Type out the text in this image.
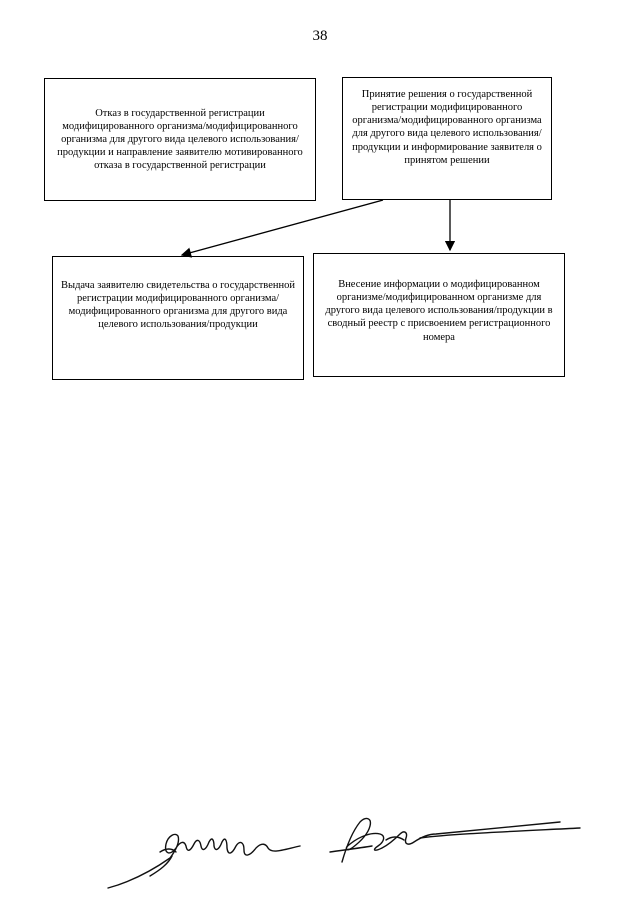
38
Отказ в государственной регистрации модифицированного организма/модифицированного организма для другого вида целевого использования/продукции и направление заявителю мотивированного отказа в государственной регистрации
Принятие решения о государственной регистрации модифицированного организма/модифицированного организма для другого вида целевого использования/продукции и информирование заявителя о принятом решении
Выдача заявителю свидетельства о государственной регистрации модифицированного организма/модифицированного организма для другого вида целевого использования/продукции
Внесение информации о модифицированном организме/модифицированном организме для другого вида целевого использования/продукции в сводный реестр с присвоением регистрационного номера
